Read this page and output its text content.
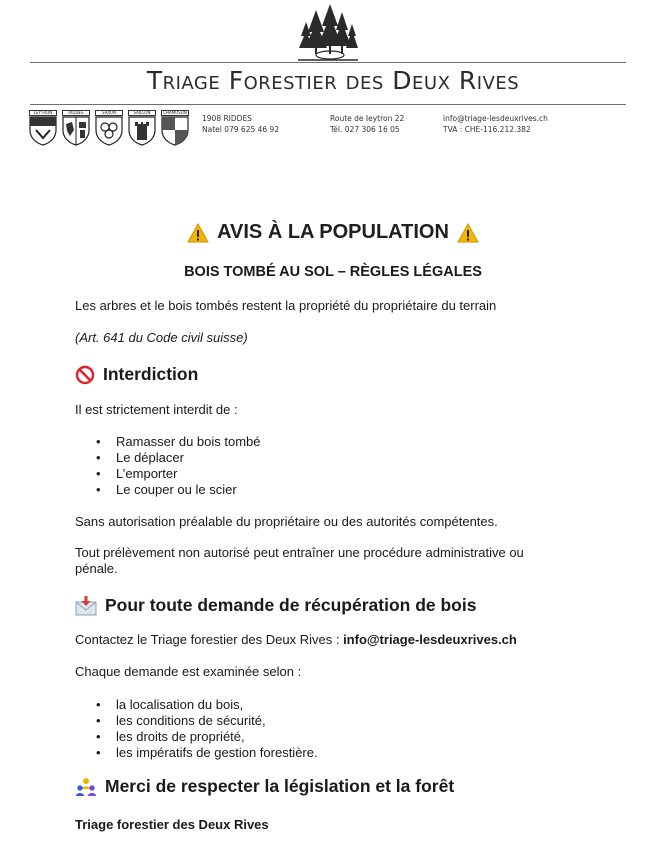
Triage Forestier des Deux Rives
LEYTRON	RIDDES	SAXON	SAILLON	CHAMOSON
1908 RIDDES
Natel 079 625 46 92
Route de Ieytron 22
Tél. 027 306 16 05
info@triage-lesdeuxrives.ch
TVA : CHE-116.212.382
AVIS À LA POPULATION
BOIS TOMBÉ AU SOL – RÈGLES LÉGALES
Les arbres et le bois tombés restent la propriété du propriétaire du terrain
(Art. 641 du Code civil suisse)
Interdiction
Il est strictement interdit de :
• Ramasser du bois tombé
• Le déplacer
• L’emporter
• Le couper ou le scier
Sans autorisation préalable du propriétaire ou des autorités compétentes.
Tout prélèvement non autorisé peut entraîner une procédure administrative ou
pénale.
Pour toute demande de récupération de bois
Contactez le Triage forestier des Deux Rives : info@triage-lesdeuxrives.ch
Chaque demande est examinée selon :
• la localisation du bois,
• les conditions de sécurité,
• les droits de propriété,
• les impératifs de gestion forestière.
Merci de respecter la législation et la forêt
Triage forestier des Deux Rives
